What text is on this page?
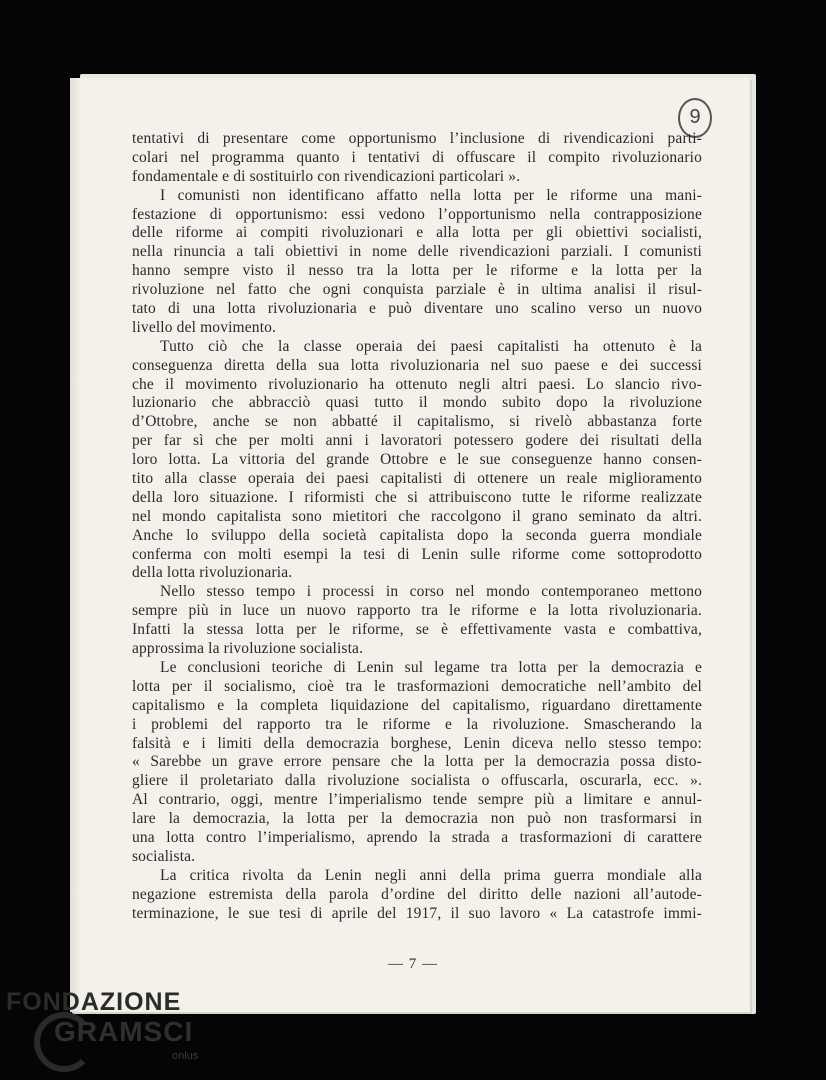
9
tentativi di presentare come opportunismo l’inclusione di rivendicazioni parti-
colari nel programma quanto i tentativi di offuscare il compito rivoluzionario
fondamentale e di sostituirlo con rivendicazioni particolari ».
I comunisti non identificano affatto nella lotta per le riforme una mani-
festazione di opportunismo: essi vedono l’opportunismo nella contrapposizione
delle riforme ai compiti rivoluzionari e alla lotta per gli obiettivi socialisti,
nella rinuncia a tali obiettivi in nome delle rivendicazioni parziali. I comunisti
hanno sempre visto il nesso tra la lotta per le riforme e la lotta per la
rivoluzione nel fatto che ogni conquista parziale è in ultima analisi il risul-
tato di una lotta rivoluzionaria e può diventare uno scalino verso un nuovo
livello del movimento.
Tutto ciò che la classe operaia dei paesi capitalisti ha ottenuto è la
conseguenza diretta della sua lotta rivoluzionaria nel suo paese e dei successi
che il movimento rivoluzionario ha ottenuto negli altri paesi. Lo slancio rivo-
luzionario che abbracciò quasi tutto il mondo subito dopo la rivoluzione
d’Ottobre, anche se non abbatté il capitalismo, si rivelò abbastanza forte
per far sì che per molti anni i lavoratori potessero godere dei risultati della
loro lotta. La vittoria del grande Ottobre e le sue conseguenze hanno consen-
tito alla classe operaia dei paesi capitalisti di ottenere un reale miglioramento
della loro situazione. I riformisti che si attribuiscono tutte le riforme realizzate
nel mondo capitalista sono mietitori che raccolgono il grano seminato da altri.
Anche lo sviluppo della società capitalista dopo la seconda guerra mondiale
conferma con molti esempi la tesi di Lenin sulle riforme come sottoprodotto
della lotta rivoluzionaria.
Nello stesso tempo i processi in corso nel mondo contemporaneo mettono
sempre più in luce un nuovo rapporto tra le riforme e la lotta rivoluzionaria.
Infatti la stessa lotta per le riforme, se è effettivamente vasta e combattiva,
approssima la rivoluzione socialista.
Le conclusioni teoriche di Lenin sul legame tra lotta per la democrazia e
lotta per il socialismo, cioè tra le trasformazioni democratiche nell’ambito del
capitalismo e la completa liquidazione del capitalismo, riguardano direttamente
i problemi del rapporto tra le riforme e la rivoluzione. Smascherando la
falsità e i limiti della democrazia borghese, Lenin diceva nello stesso tempo:
« Sarebbe un grave errore pensare che la lotta per la democrazia possa disto-
gliere il proletariato dalla rivoluzione socialista o offuscarla, oscurarla, ecc. ».
Al contrario, oggi, mentre l’imperialismo tende sempre più a limitare e annul-
lare la democrazia, la lotta per la democrazia non può non trasformarsi in
una lotta contro l’imperialismo, aprendo la strada a trasformazioni di carattere
socialista.
La critica rivolta da Lenin negli anni della prima guerra mondiale alla
negazione estremista della parola d’ordine del diritto delle nazioni all’autode-
terminazione, le sue tesi di aprile del 1917, il suo lavoro « La catastrofe immi-
— 7 —
FONDAZIONE
GRAMSCI
onlus
